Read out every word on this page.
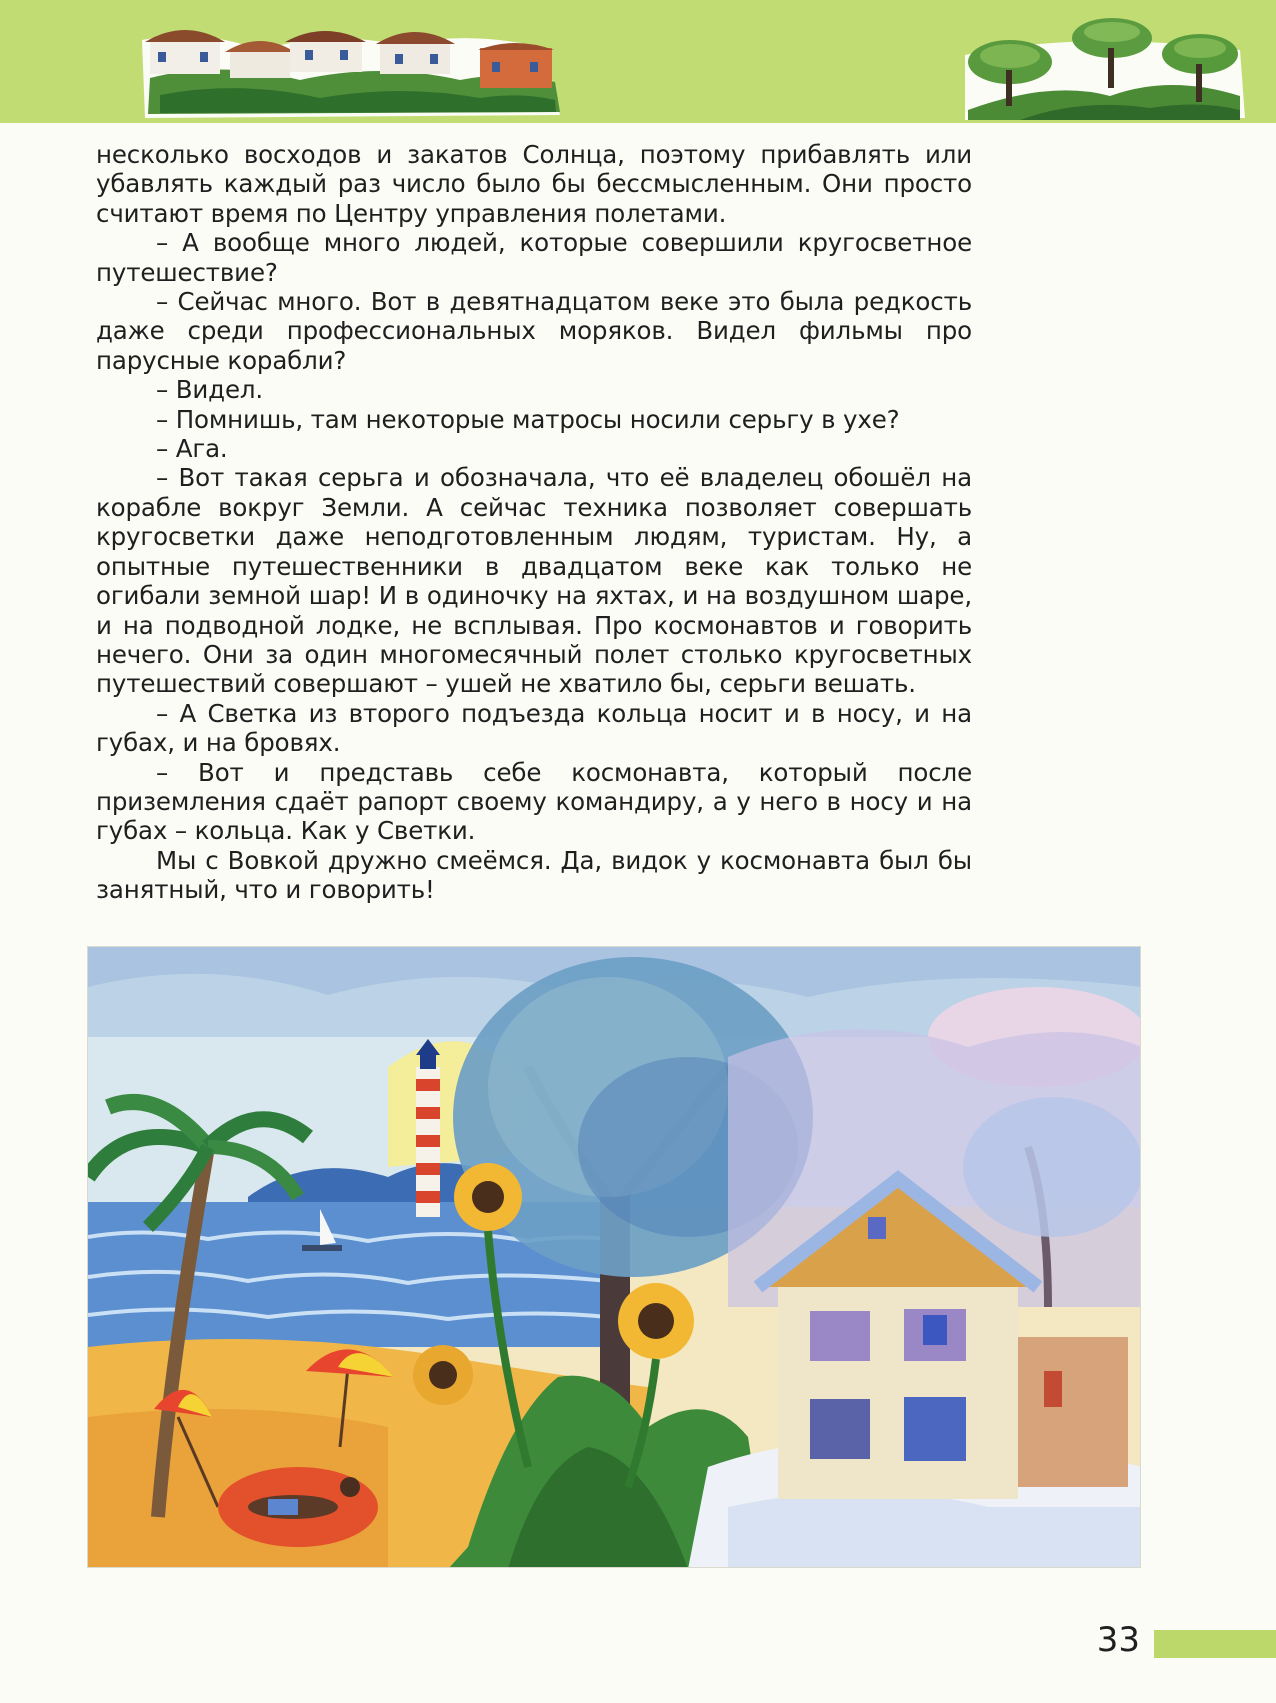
несколько восходов и закатов Солнца, поэтому прибавлять или убавлять каждый раз число было бы бессмысленным. Они просто считают время по Центру управления полетами.

– А вообще много людей, которые совершили кругосветное путешествие?

– Сейчас много. Вот в девятнадцатом веке это была редкость даже среди профессиональных моряков. Видел фильмы про парусные корабли?

– Видел.

– Помнишь, там некоторые матросы носили серьгу в ухе?

– Ага.

– Вот такая серьга и обозначала, что её владелец обошёл на корабле вокруг Земли. А сейчас техника позволяет совершать кругосветки даже неподготовленным людям, туристам. Ну, а опытные путешественники в двадцатом веке как только не огибали земной шар! И в одиночку на яхтах, и на воздушном шаре, и на подводной лодке, не всплывая. Про космонавтов и говорить нечего. Они за один многомесячный полет столько кругосветных путешествий совершают – ушей не хватило бы, серьги вешать.

– А Светка из второго подъезда кольца носит и в носу, и на губах, и на бровях.

– Вот и представь себе космонавта, который после приземления сдаёт рапорт своему командиру, а у него в носу и на губах – кольца. Как у Светки.

Мы с Вовкой дружно смеёмся. Да, видок у космонавта был бы занятный, что и говорить!

33
